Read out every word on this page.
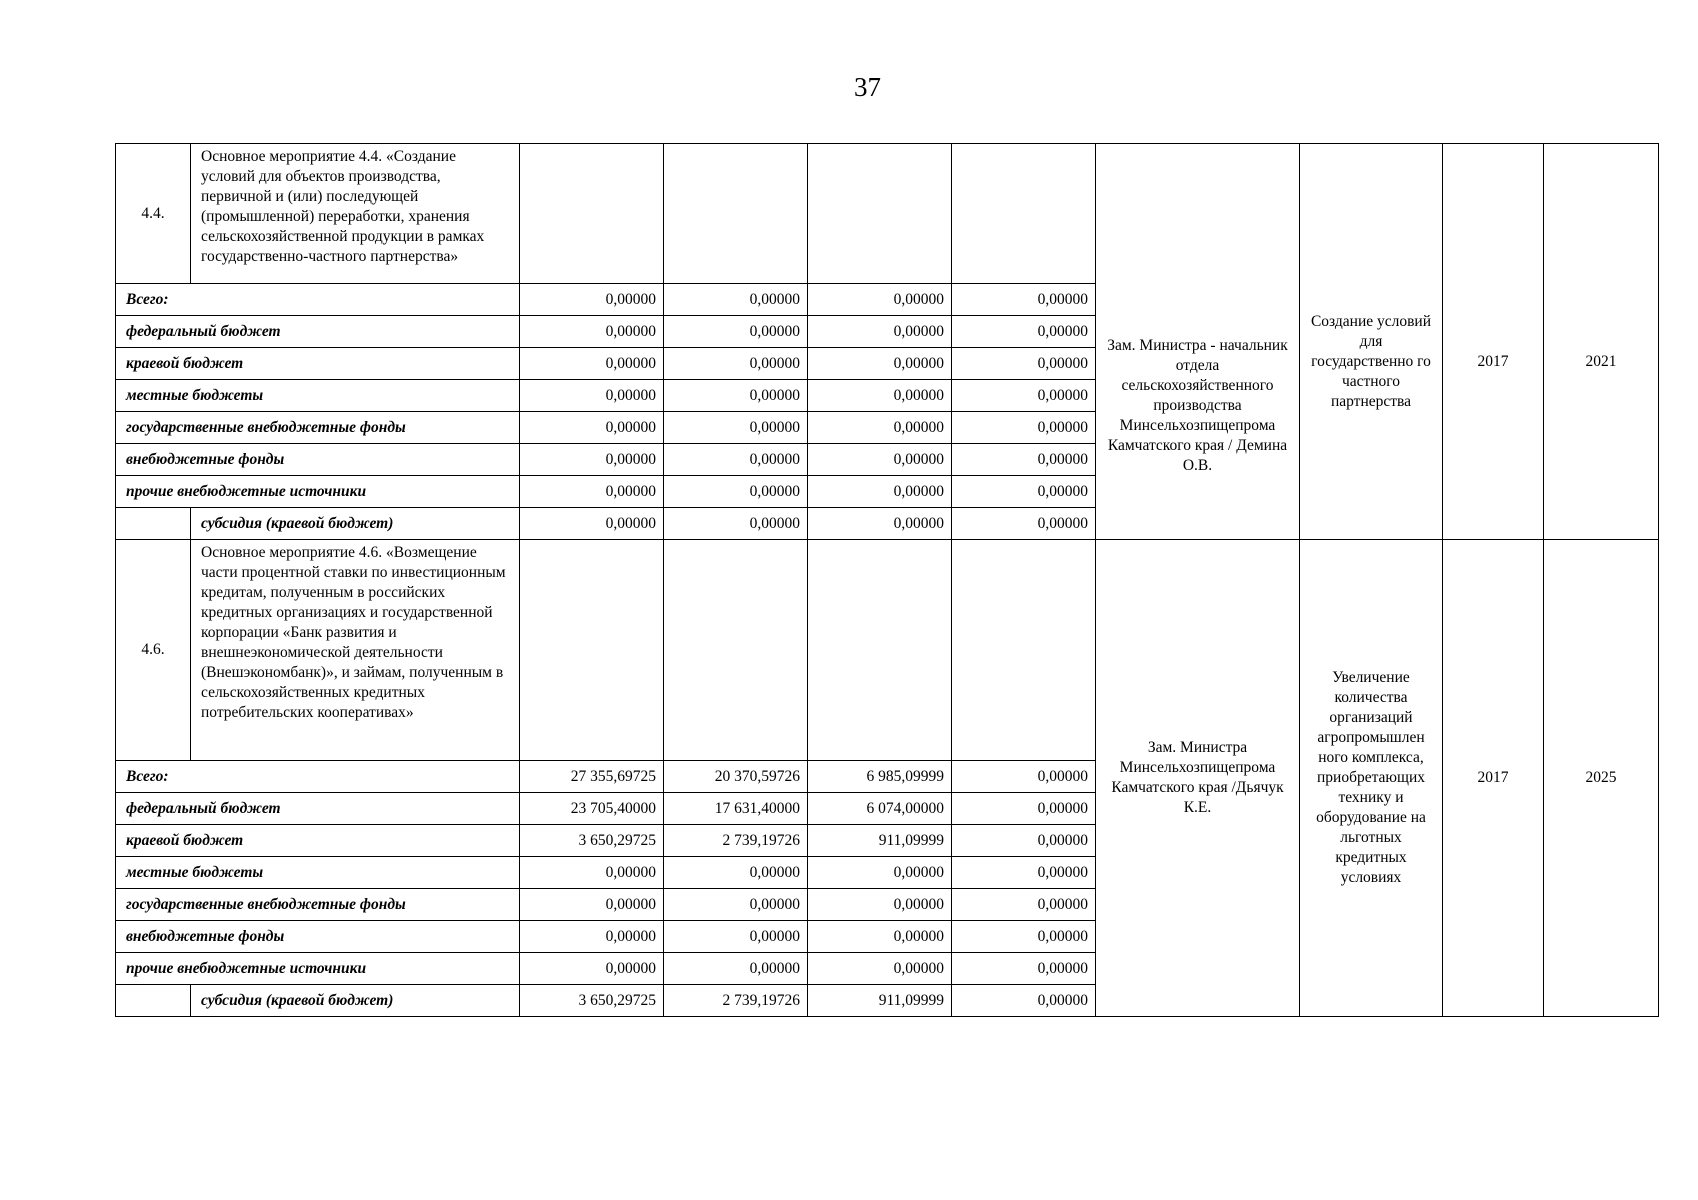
37
4.4.	Основное мероприятие 4.4. «Создание условий для объектов производства, первичной и (или) последующей (промышленной) переработки, хранения сельскохозяйственной продукции в рамках государственно-частного партнерства»					Зам. Министра - начальник отдела сельскохозяйственного производства Минсельхозпищепрома Камчатского края / Демина О.В.	Создание условий для государственно го частного партнерства	2017	2021

Всего:		0,00000	0,00000	0,00000	0,00000				
федеральный бюджет		0,00000	0,00000	0,00000	0,00000				
краевой бюджет		0,00000	0,00000	0,00000	0,00000				
местные бюджеты		0,00000	0,00000	0,00000	0,00000				
государственные внебюджетные фонды		0,00000	0,00000	0,00000	0,00000				
внебюджетные фонды		0,00000	0,00000	0,00000	0,00000				
прочие внебюджетные источники		0,00000	0,00000	0,00000	0,00000				
	субсидия (краевой бюджет)	0,00000	0,00000	0,00000	0,00000				
4.6.	Основное мероприятие 4.6. «Возмещение части процентной ставки по инвестиционным кредитам, полученным в российских кредитных организациях и государственной корпорации «Банк развития и внешнеэкономической деятельности (Внешэкономбанк)», и займам, полученным в сельскохозяйственных кредитных потребительских кооперативах»					Зам. Министра Минсельхозпищепрома Камчатского края /Дьячук К.Е.	Увеличение количества организаций агропромышлен ного комплекса, приобретающих технику и оборудование на льготных кредитных условиях	2017	2025

Всего:		27 355,69725	20 370,59726	6 985,09999	0,00000				
федеральный бюджет		23 705,40000	17 631,40000	6 074,00000	0,00000				
краевой бюджет		3 650,29725	2 739,19726	911,09999	0,00000				
местные бюджеты		0,00000	0,00000	0,00000	0,00000				
государственные внебюджетные фонды		0,00000	0,00000	0,00000	0,00000				
внебюджетные фонды		0,00000	0,00000	0,00000	0,00000				
прочие внебюджетные источники		0,00000	0,00000	0,00000	0,00000				
	субсидия (краевой бюджет)	3 650,29725	2 739,19726	911,09999	0,00000				
